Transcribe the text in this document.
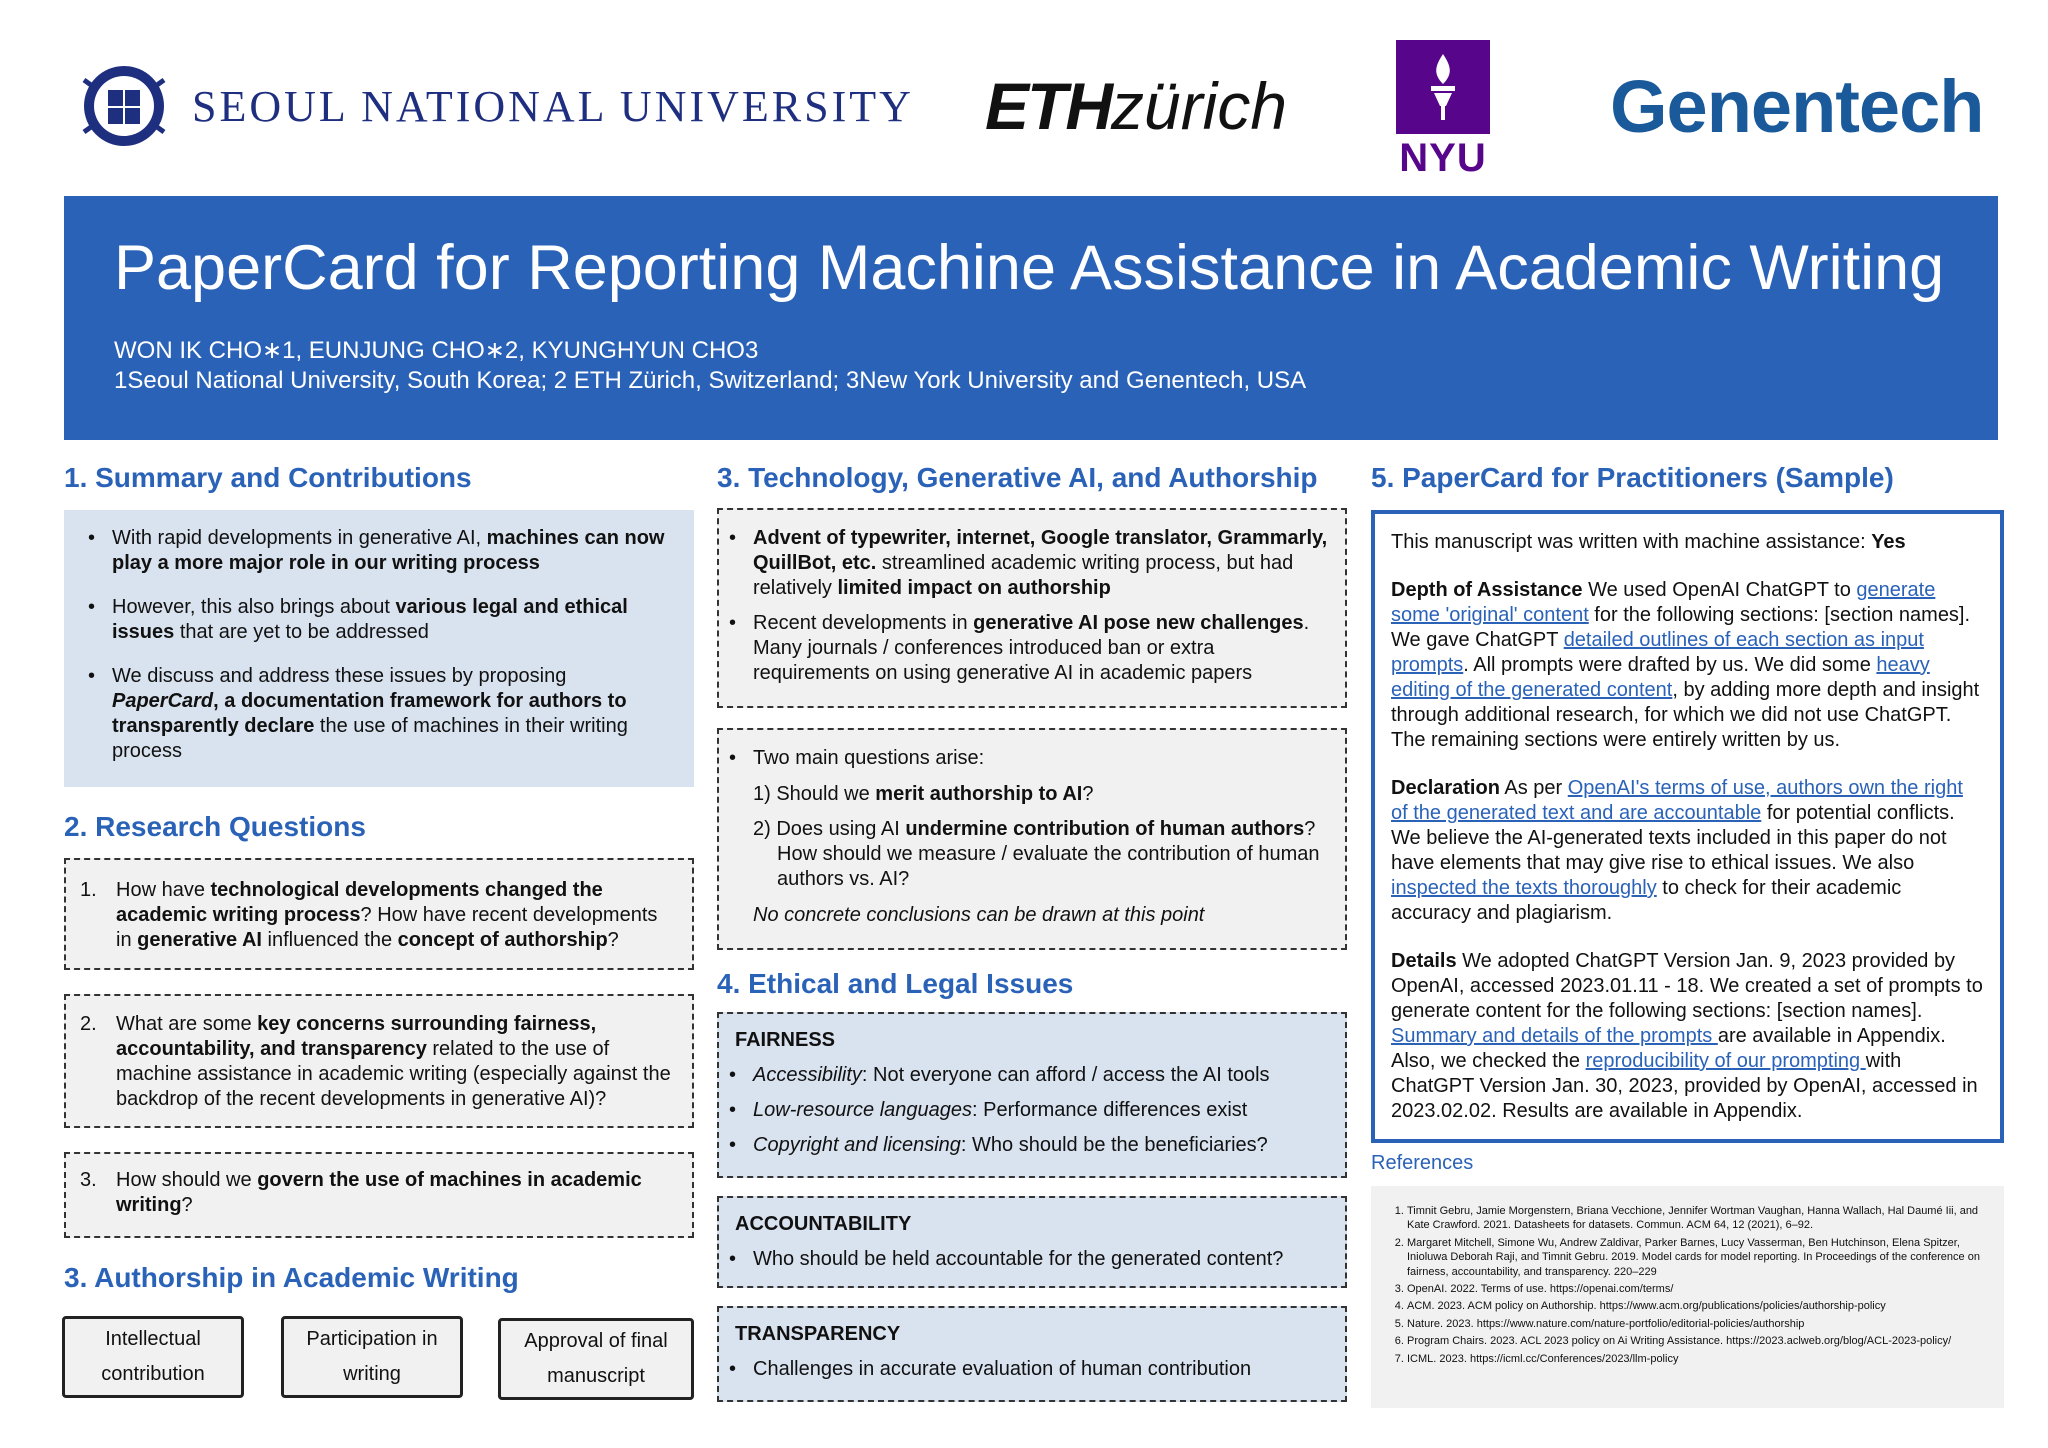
SEOUL NATIONAL UNIVERSITY ETHzürich
NYU
Genentech
PaperCard for Reporting Machine Assistance in Academic Writing
WON IK CHO∗1, EUNJUNG CHO∗2, KYUNGHYUN CHO3
1Seoul National University, South Korea; 2 ETH Zürich, Switzerland; 3New York University and Genentech, USA
1. Summary and Contributions
• With rapid developments in generative AI, machines can now play a more major role in our writing process
• However, this also brings about various legal and ethical issues that are yet to be addressed
• We discuss and address these issues by proposing PaperCard, a documentation framework for authors to transparently declare the use of machines in their writing process
2. Research Questions
1. How have technological developments changed the academic writing process? How have recent developments in generative AI influenced the concept of authorship?
2. What are some key concerns surrounding fairness, accountability, and transparency related to the use of machine assistance in academic writing (especially against the backdrop of the recent developments in generative AI)?
3. How should we govern the use of machines in academic writing?
3. Authorship in Academic Writing
Intellectual contribution
Participation in writing
Approval of final manuscript
3. Technology, Generative AI, and Authorship
• Advent of typewriter, internet, Google translator, Grammarly, QuillBot, etc. streamlined academic writing process, but had relatively limited impact on authorship
• Recent developments in generative AI pose new challenges. Many journals / conferences introduced ban or extra requirements on using generative AI in academic papers
• Two main questions arise:
1) Should we merit authorship to AI?
2) Does using AI undermine contribution of human authors? How should we measure / evaluate the contribution of human authors vs. AI?
No concrete conclusions can be drawn at this point
4. Ethical and Legal Issues
FAIRNESS
• Accessibility: Not everyone can afford / access the AI tools
• Low-resource languages: Performance differences exist
• Copyright and licensing: Who should be the beneficiaries?
ACCOUNTABILITY
• Who should be held accountable for the generated content?
TRANSPARENCY
• Challenges in accurate evaluation of human contribution
5. PaperCard for Practitioners (Sample)

This manuscript was written with machine assistance: Yes

Depth of Assistance We used OpenAI ChatGPT to generate some 'original' content for the following sections: [section names]. We gave ChatGPT detailed outlines of each section as input prompts. All prompts were drafted by us. We did some heavy editing of the generated content, by adding more depth and insight through additional research, for which we did not use ChatGPT. The remaining sections were entirely written by us.

Declaration As per OpenAI's terms of use, authors own the right of the generated text and are accountable for potential conflicts. We believe the AI-generated texts included in this paper do not have elements that may give rise to ethical issues. We also inspected the texts thoroughly to check for their academic accuracy and plagiarism.

Details We adopted ChatGPT Version Jan. 9, 2023 provided by OpenAI, accessed 2023.01.11 - 18. We created a set of prompts to generate content for the following sections: [section names]. Summary and details of the prompts are available in Appendix. Also, we checked the reproducibility of our prompting with ChatGPT Version Jan. 30, 2023, provided by OpenAI, accessed in 2023.02.02. Results are available in Appendix.

References
1. Timnit Gebru, Jamie Morgenstern, Briana Vecchione, Jennifer Wortman Vaughan, Hanna Wallach, Hal Daumé Iii, and Kate Crawford. 2021. Datasheets for datasets. Commun. ACM 64, 12 (2021), 6–92.
2. Margaret Mitchell, Simone Wu, Andrew Zaldivar, Parker Barnes, Lucy Vasserman, Ben Hutchinson, Elena Spitzer, Inioluwa Deborah Raji, and Timnit Gebru. 2019. Model cards for model reporting. In Proceedings of the conference on fairness, accountability, and transparency. 220–229
3. OpenAI. 2022. Terms of use. https://openai.com/terms/
4. ACM. 2023. ACM policy on Authorship. https://www.acm.org/publications/policies/authorship-policy
5. Nature. 2023. https://www.nature.com/nature-portfolio/editorial-policies/authorship
6. Program Chairs. 2023. ACL 2023 policy on Ai Writing Assistance. https://2023.aclweb.org/blog/ACL-2023-policy/
7. ICML. 2023. https://icml.cc/Conferences/2023/llm-policy
